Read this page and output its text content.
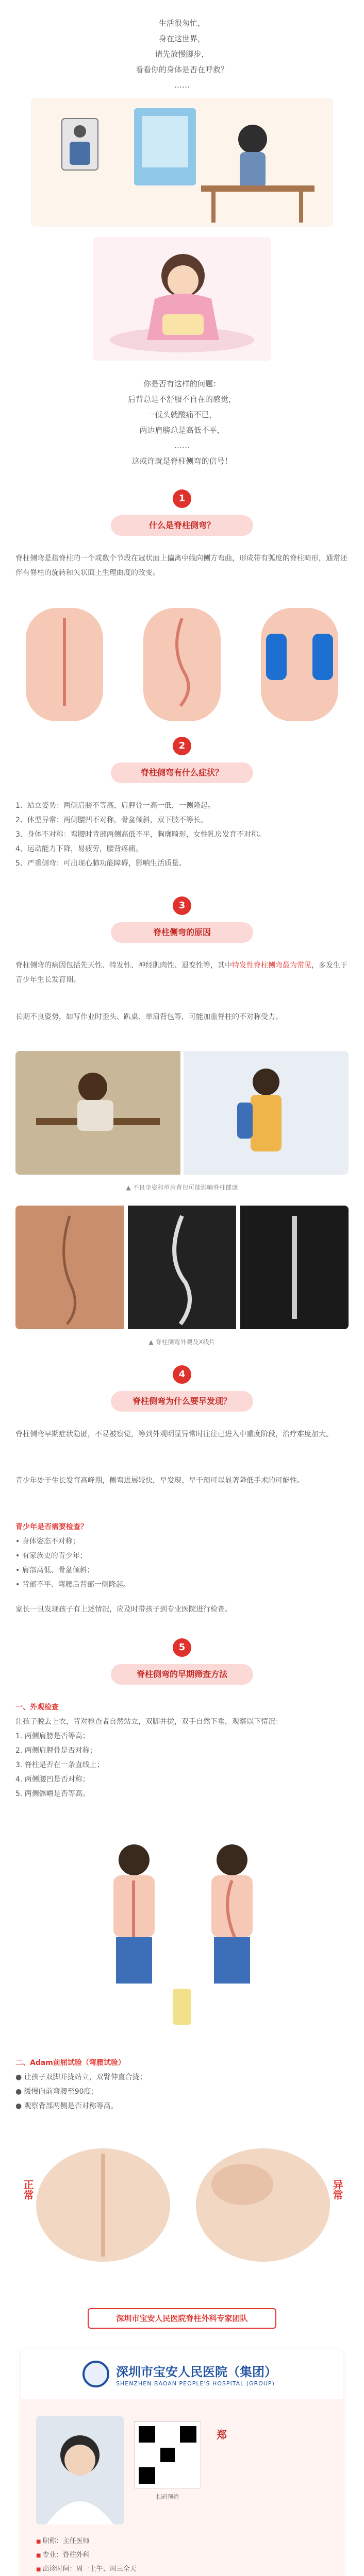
生活很匆忙，
身在这世界，
请先放慢脚步，
看看你的身体是否在呼救？
……
你是否有这样的问题：
后背总是不舒服不自在的感觉，
一低头就酸痛不已，
两边肩膀总是高低不平，
……
这或许就是脊柱侧弯的信号！
1
什么是脊柱侧弯？
脊柱侧弯是指脊柱的一个或数个节段在冠状面上偏离中线向侧方弯曲，形成带有弧度的脊柱畸形，通常还伴有脊柱的旋转和矢状面上生理曲度的改变。
2
脊柱侧弯有什么症状？
1、站立姿势：两侧肩膀不等高，肩胛骨一高一低，一侧隆起。
2、体型异常：两侧腰凹不对称，骨盆倾斜，双下肢不等长。
3、身体不对称：弯腰时背部两侧高低不平，胸廓畸形，女性乳房发育不对称。
4、运动能力下降，易疲劳，腰背疼痛。
5、严重侧弯：可出现心肺功能障碍，影响生活质量。
3
脊柱侧弯的原因
脊柱侧弯的病因包括先天性、特发性、神经肌肉性、退变性等，其中特发性脊柱侧弯最为常见，多发生于青少年生长发育期。
长期不良姿势，如写作业时歪头、趴桌、单肩背包等，可能加重脊柱的不对称受力。
▲ 不良坐姿和单肩背包可能影响脊柱健康
▲ 脊柱侧弯外观及X线片
4
脊柱侧弯为什么要早发现？
脊柱侧弯早期症状隐匿，不易被察觉，等到外观明显异常时往往已进入中重度阶段，治疗难度加大。
青少年处于生长发育高峰期，侧弯进展较快，早发现、早干预可以显著降低手术的可能性。
青少年是否需要检查？
• 身体姿态不对称；
• 有家族史的青少年；
• 肩部高低、骨盆倾斜；
• 背部不平、弯腰后背部一侧隆起。
家长一旦发现孩子有上述情况，应及时带孩子到专业医院进行检查。
5
脊柱侧弯的早期筛查方法
一、外观检查
让孩子脱去上衣，背对检查者自然站立，双脚并拢，双手自然下垂，观察以下情况：
1. 两侧肩膀是否等高；
2. 两侧肩胛骨是否对称；
3. 脊柱是否在一条直线上；
4. 两侧腰凹是否对称；
5. 两侧髂嵴是否等高。
二、Adam前屈试验（弯腰试验）
● 让孩子双脚并拢站立，双臂伸直合拢；
● 缓慢向前弯腰至90度；
● 观察背部两侧是否对称等高。
正常	异常
深圳市宝安人民医院脊柱外科专家团队
深圳市宝安人民医院（集团）
SHENZHEN BAOAN PEOPLE'S HOSPITAL (GROUP)
扫码预约
郑
■ 职称：主任医师
■ 专业：脊柱外科
■ 出诊时间：周一上午、周三全天
